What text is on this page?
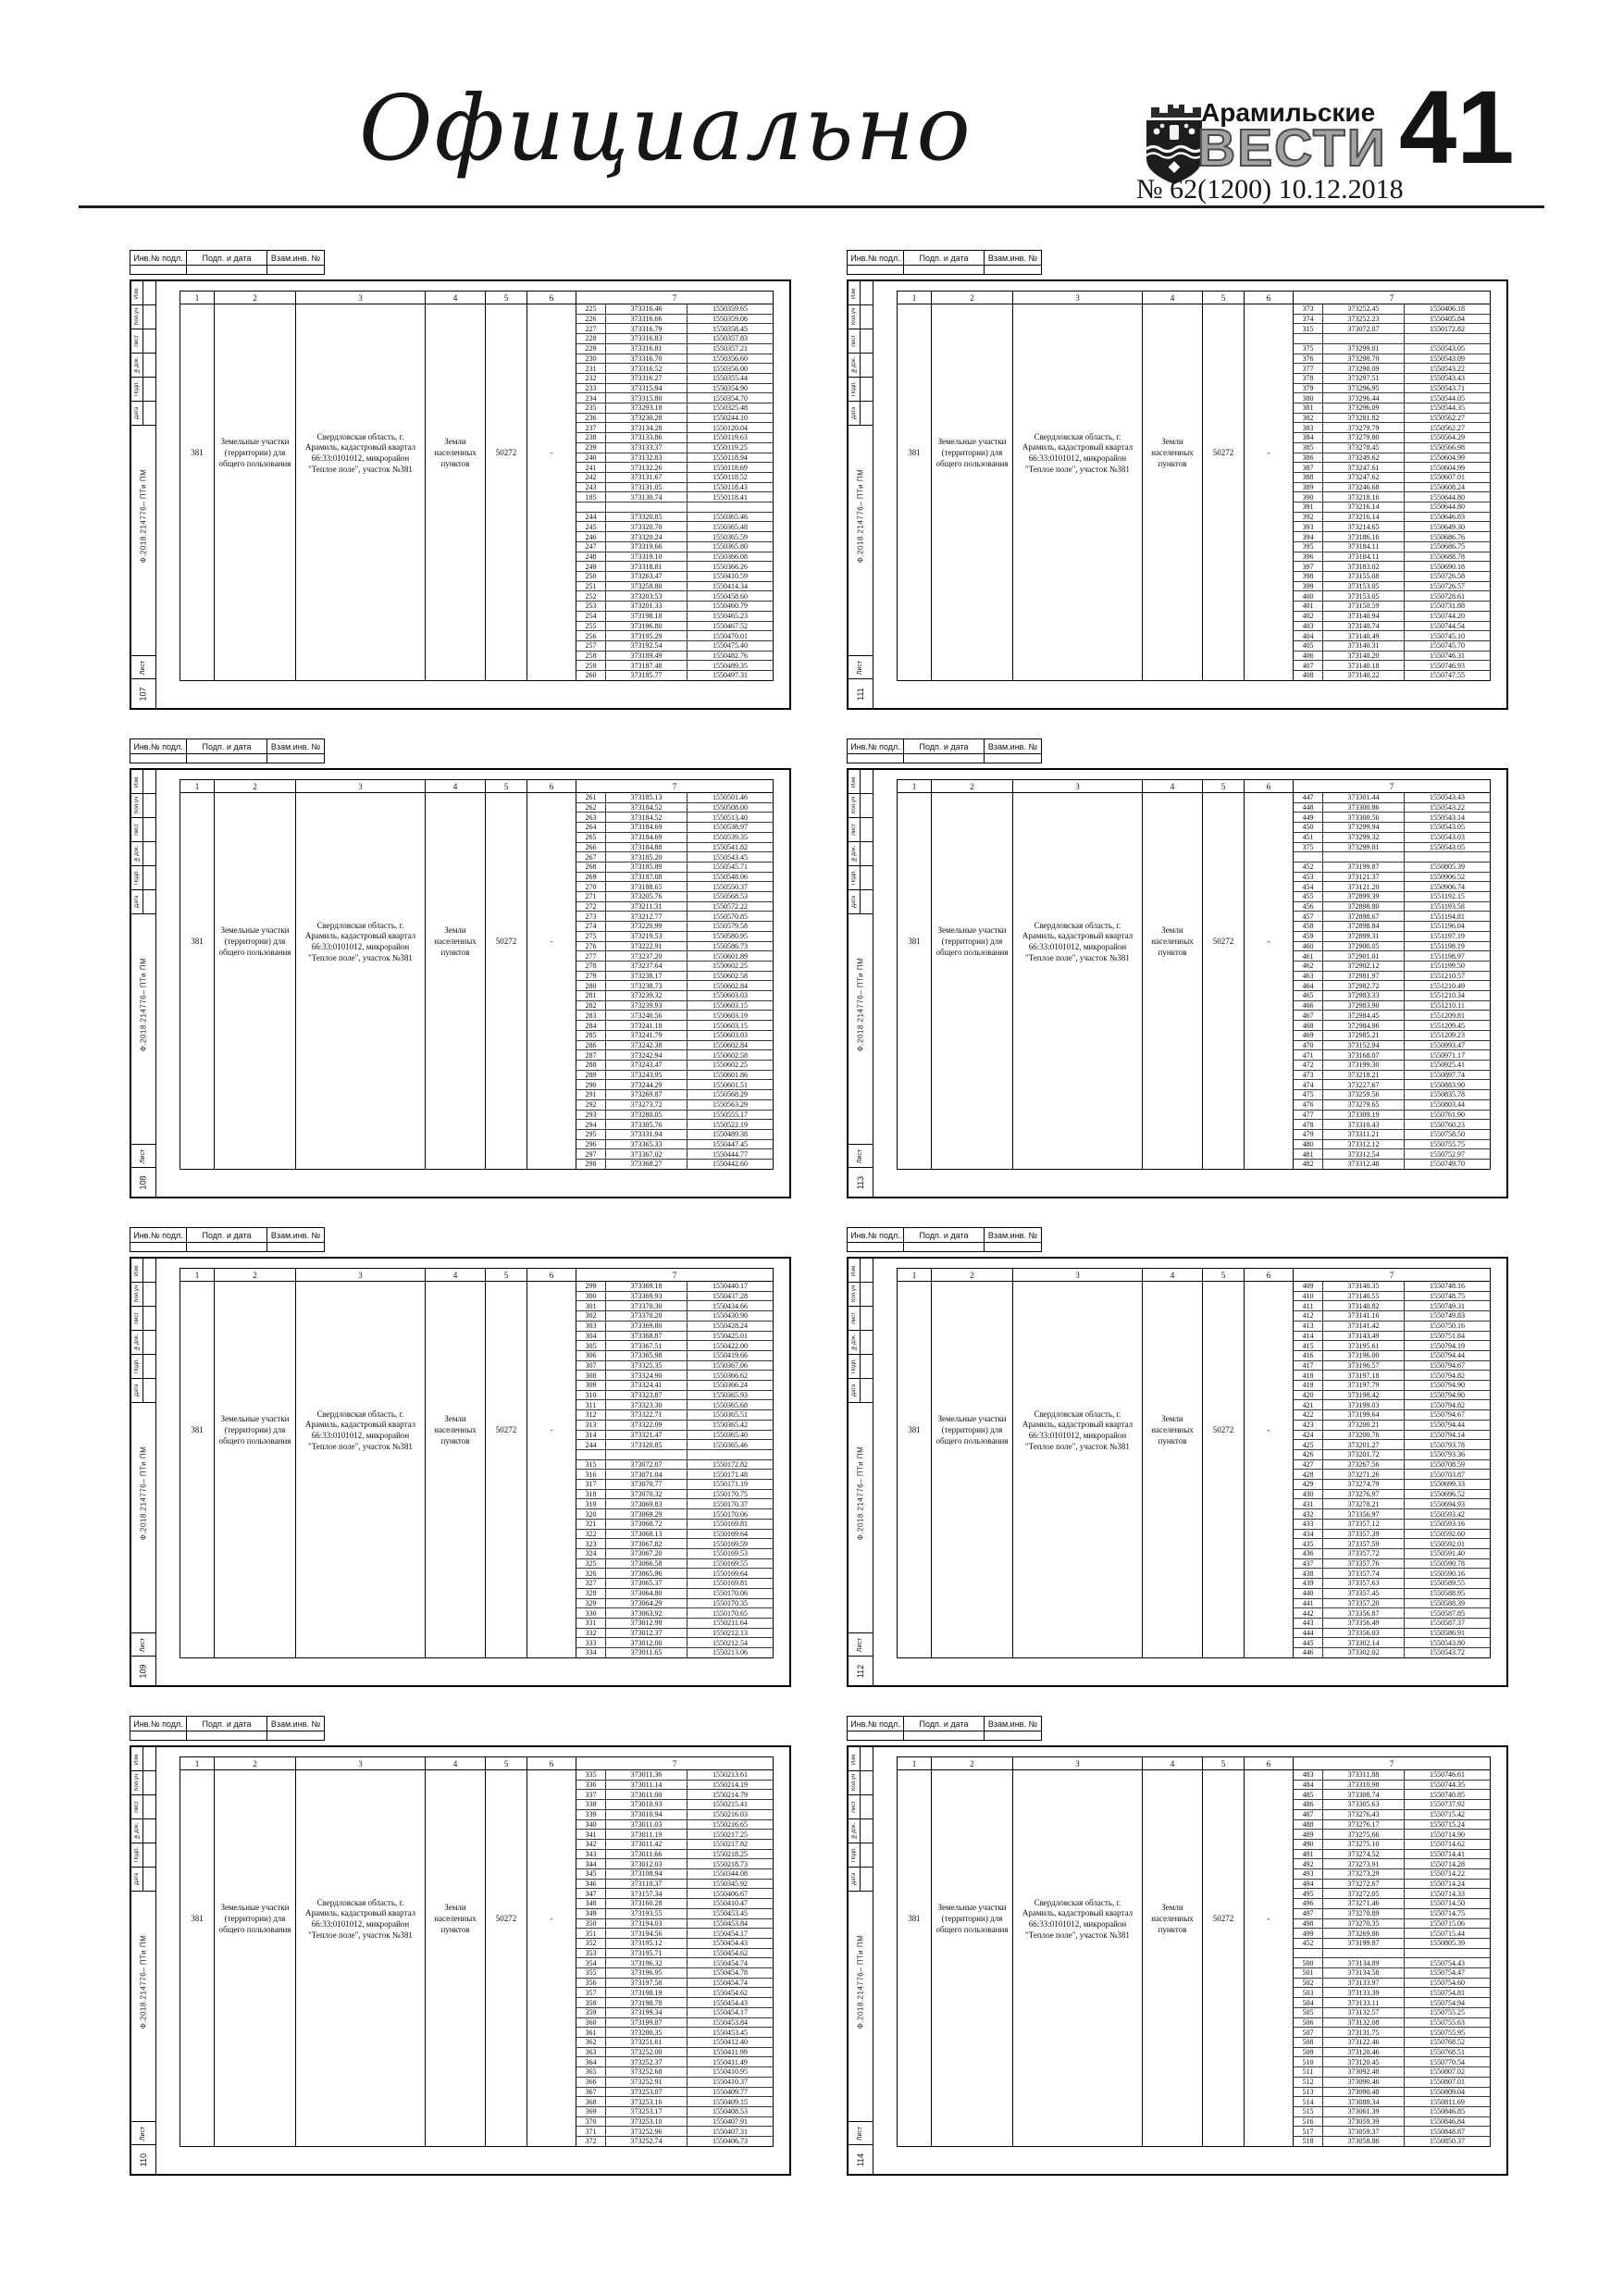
Официально	Арамильские
ВЕСТИ
№ 62(1200) 10.12.2018
41
Инв.№ подл.	Подп. и дата	Взам.инв. №
Изм.
Кол.уч
Лист
№док.
Подп.
Дата
Ф.2018.214776– ПТи ПМ
Лист
107
1	2	3	4	5	6	7
381
Земельные участки (территории) для общего пользования
Свердловская область, г. Арамиль, кадастровый квартал 66:33:0101012, микрорайон "Теплое поле", участок №381
Земли населенных пунктов
50272	-
225	373316.46	1550359.65
226	373316.66	1550359.06
227	373316.79	1550358.45
228	373316.83	1550357.83
229	373316.81	1550357.21
230	373316.70	1550356.60
231	373316.52	1550356.00
232	373316.27	1550355.44
233	373315.94	1550354.90
234	373315.80	1550354.70
235	373293.18	1550325.48
236	373230.28	1550244.10
237	373134.28	1550120.04
238	373133.86	1550119.63
239	373133.37	1550119.25
240	373132.83	1550118.94
241	373132.26	1550118.69
242	373131.67	1550118.52
243	373131.05	1550118.43
185	373130.74	1550118.41
244	373320.85	1550365.46
245	373320.70	1550365.48
246	373320.24	1550365.59
247	373319.66	1550365.80
248	373319.10	1550366.08
249	373318.81	1550366.26
250	373263.47	1550410.59
251	373258.80	1550414.34
252	373203.53	1550458.60
253	373201.33	1550460.79
254	373198.18	1550465.23
255	373196.80	1550467.52
256	373195.29	1550470.01
257	373192.54	1550475.40
258	373189.49	1550482.76
259	373187.48	1550489.35
260	373185.77	1550497.31
Инв.№ подл.	Подп. и дата	Взам.инв. №
Изм.
Кол.уч
Лист
№док.
Подп.
Дата
Ф.2018.214776– ПТи ПМ
Лист
111
1	2	3	4	5	6	7
381
Земельные участки (территории) для общего пользования
Свердловская область, г. Арамиль, кадастровый квартал 66:33:0101012, микрорайон "Теплое поле", участок №381
Земли населенных пунктов
50272	-
373	373252.45	1550406.18
374	373252.23	1550405.84
315	373072.07	1550172.82
375	373299.01	1550543.05
376	373298.70	1550543.09
377	373298.09	1550543.22
378	373297.51	1550543.43
379	373296.95	1550543.71
380	373296.44	1550544.05
381	373296.09	1550544.35
382	373281.82	1550562.27
383	373279.79	1550562.27
384	373279.80	1550564.29
385	373278.45	1550566.98
386	373249.62	1550604.99
387	373247.61	1550604.99
388	373247.62	1550607.01
389	373246.68	1550608.24
390	373218.16	1550644.80
391	373216.14	1550644.80
392	373216.14	1550646.83
393	373214.65	1550649.30
394	373186.16	1550686.76
395	373184.11	1550686.75
396	373184.11	1550688.78
397	373183.02	1550690.18
398	373155.08	1550726.58
399	373153.05	1550726.57
400	373153.05	1550728.61
401	373150.59	1550731.88
402	373140.94	1550744.20
403	373140.74	1550744.54
404	373140.49	1550745.10
405	373140.31	1550745.70
406	373140.20	1550746.31
407	373140.18	1550746.93
408	373140.22	1550747.55
Инв.№ подл.	Подп. и дата	Взам.инв. №
Изм.
Кол.уч
Лист
№док.
Подп.
Дата
Ф.2018.214776– ПТи ПМ
Лист
108
1	2	3	4	5	6	7
381
Земельные участки (территории) для общего пользования
Свердловская область, г. Арамиль, кадастровый квартал 66:33:0101012, микрорайон "Теплое поле", участок №381
Земли населенных пунктов
50272	-
261	373185.13	1550501.46
262	373184.52	1550508.00
263	373184.52	1550513.40
264	373184.69	1550538.97
265	373184.69	1550539.35
266	373184.88	1550541.82
267	373185.20	1550543.45
268	373185.89	1550545.71
269	373187.08	1550548.06
270	373188.65	1550550.37
271	373205.76	1550568.53
272	373211.31	1550572.22
273	373212.77	1550570.85
274	373220.99	1550579.58
275	373219.53	1550580.95
276	373222.91	1550586.73
277	373237.20	1550601.89
278	373237.64	1550602.25
279	373238.17	1550602.58
280	373238.73	1550602.84
281	373239.32	1550603.03
282	373239.93	1550603.15
283	373240.56	1550603.19
284	373241.18	1550603.15
285	373241.79	1550603.03
286	373242.38	1550602.84
287	373242.94	1550602.58
288	373243.47	1550602.25
289	373243.95	1550601.86
290	373244.29	1550601.51
291	373269.87	1550568.29
292	373273.72	1550563.29
293	373280.05	1550555.17
294	373305.76	1550522.19
295	373331.94	1550489.38
296	373365.33	1550447.45
297	373367.02	1550444.77
298	373368.27	1550442.60
Инв.№ подл.	Подп. и дата	Взам.инв. №
Изм.
Кол.уч
Лист
№док.
Подп.
Дата
Ф.2018.214776– ПТи ПМ
Лист
113
1	2	3	4	5	6	7
381
Земельные участки (территории) для общего пользования
Свердловская область, г. Арамиль, кадастровый квартал 66:33:0101012, микрорайон "Теплое поле", участок №381
Земли населенных пунктов
50272	-
447	373301.44	1550543.43
448	373300.86	1550543.22
449	373300.56	1550543.14
450	373299.94	1550543.05
451	373299.32	1550543.03
375	373299.01	1550543.05
452	373199.87	1550805.39
453	373121.37	1550906.52
454	373121.20	1550906.74
455	372899.39	1551192.15
456	372898.80	1551193.58
457	372898.67	1551194.81
458	372898.84	1551196.04
459	372899.31	1551197.19
460	372900.05	1551198.19
461	372901.01	1551198.97
462	372902.12	1551199.50
463	372981.97	1551210.57
464	372982.72	1551210.49
465	372983.33	1551210.34
466	372983.90	1551210.11
467	372984.45	1551209.81
468	372984.96	1551209.45
469	372985.21	1551209.23
470	373152.94	1550993.47
471	373168.07	1550971.17
472	373199.30	1550925.41
473	373218.21	1550897.74
474	373227.67	1550883.90
475	373259.56	1550835.78
476	373279.65	1550803.44
477	373309.19	1550761.90
478	373310.43	1550760.23
479	373311.21	1550758.50
480	373312.12	1550755.75
481	373312.54	1550752.97
482	373312.48	1550749.70
Инв.№ подл.	Подп. и дата	Взам.инв. №
Изм.
Кол.уч
Лист
№док.
Подп.
Дата
Ф.2018.214776– ПТи ПМ
Лист
109
1	2	3	4	5	6	7
381
Земельные участки (территории) для общего пользования
Свердловская область, г. Арамиль, кадастровый квартал 66:33:0101012, микрорайон "Теплое поле", участок №381
Земли населенных пунктов
50272	-
299	373369.18	1550440.17
300	373369.93	1550437.28
301	373370.30	1550434.66
302	373370.20	1550430.90
303	373369.80	1550428.24
304	373368.87	1550425.01
305	373367.51	1550422.00
306	373365.98	1550419.66
307	373325.35	1550367.06
308	373324.90	1550366.62
309	373324.41	1550366.24
310	373323.87	1550365.93
311	373323.30	1550365.68
312	373322.71	1550365.51
313	373322.09	1550365.42
314	373321.47	1550365.40
244	373320.85	1550365.46
315	373072.07	1550172.82
316	373071.04	1550171.48
317	373070.77	1550171.19
318	373070.32	1550170.75
319	373069.83	1550170.37
320	373069.29	1550170.06
321	373068.72	1550169.81
322	373068.13	1550169.64
323	373067.82	1550169.59
324	373067.20	1550169.53
325	373066.58	1550169.55
326	373065.96	1550169.64
327	373065.37	1550169.81
328	373064.80	1550170.06
329	373064.29	1550170.35
330	373063.92	1550170.65
331	373012.98	1550211.64
332	373012.37	1550212.13
333	373012.00	1550212.54
334	373011.65	1550213.06
Инв.№ подл.	Подп. и дата	Взам.инв. №
Изм.
Кол.уч
Лист
№док.
Подп.
Дата
Ф.2018.214776– ПТи ПМ
Лист
112
1	2	3	4	5	6	7
381
Земельные участки (территории) для общего пользования
Свердловская область, г. Арамиль, кадастровый квартал 66:33:0101012, микрорайон "Теплое поле", участок №381
Земли населенных пунктов
50272	-
409	373140.35	1550748.16
410	373140.55	1550748.75
411	373140.82	1550749.31
412	373141.16	1550749.83
413	373141.42	1550750.16
414	373143.49	1550751.84
415	373195.61	1550794.19
416	373196.00	1550794.44
417	373196.57	1550794.67
418	373197.18	1550794.82
419	373197.79	1550794.90
420	373198.42	1550794.90
421	373199.03	1550794.82
422	373199.64	1550794.67
423	373200.21	1550794.44
424	373200.76	1550794.14
425	373201.27	1550793.78
426	373201.72	1550793.36
427	373267.56	1550708.59
428	373271.26	1550703.87
429	373274.79	1550699.33
430	373276.97	1550696.52
431	373278.21	1550694.93
432	373356.97	1550593.42
433	373357.12	1550593.16
434	373357.39	1550592.60
435	373357.59	1550592.01
436	373357.72	1550591.40
437	373357.76	1550590.78
438	373357.74	1550590.16
439	373357.63	1550589.55
440	373357.45	1550588.95
441	373357.20	1550588.39
442	373356.87	1550587.85
443	373356.49	1550587.37
444	373356.03	1550586.91
445	373302.14	1550543.80
446	373302.02	1550543.72
Инв.№ подл.	Подп. и дата	Взам.инв. №
Изм.
Кол.уч
Лист
№док.
Подп.
Дата
Ф.2018.214776– ПТи ПМ
Лист
110
1	2	3	4	5	6	7
381
Земельные участки (территории) для общего пользования
Свердловская область, г. Арамиль, кадастровый квартал 66:33:0101012, микрорайон "Теплое поле", участок №381
Земли населенных пунктов
50272	-
335	373011.36	1550213.61
336	373011.14	1550214.19
337	373011.00	1550214.79
338	373010.93	1550215.41
339	373010.94	1550216.03
340	373011.03	1550216.65
341	373011.19	1550217.25
342	373011.42	1550217.82
343	373011.66	1550218.25
344	373012.03	1550218.73
345	373108.94	1550344.08
346	373110.37	1550345.92
347	373157.34	1550406.67
348	373160.28	1550410.47
349	373193.55	1550453.45
350	373194.03	1550453.84
351	373194.56	1550454.17
352	373195.12	1550454.43
353	373195.71	1550454.62
354	373196.32	1550454.74
355	373196.95	1550454.78
356	373197.58	1550454.74
357	373198.19	1550454.62
358	373198.78	1550454.43
359	373199.34	1550454.17
360	373199.87	1550453.84
361	373200.35	1550453.45
362	373251.61	1550412.40
363	373252.00	1550411.99
364	373252.37	1550411.49
365	373252.68	1550410.95
366	373252.91	1550410.37
367	373253.07	1550409.77
368	373253.16	1550409.15
369	373253.17	1550408.53
370	373253.10	1550407.91
371	373252.96	1550407.31
372	373252.74	1550406.73
Инв.№ подл.	Подп. и дата	Взам.инв. №
Изм.
Кол.уч
Лист
№док.
Подп.
Дата
Ф.2018.214776– ПТи ПМ
Лист
114
1	2	3	4	5	6	7
381
Земельные участки (территории) для общего пользования
Свердловская область, г. Арамиль, кадастровый квартал 66:33:0101012, микрорайон "Теплое поле", участок №381
Земли населенных пунктов
50272	-
483	373311.88	1550746.61
484	373310.98	1550744.35
485	373308.74	1550740.85
486	373305.63	1550737.92
487	373276.43	1550715.42
488	373276.17	1550715.24
489	373275.66	1550714.90
490	373275.10	1550714.62
491	373274.52	1550714.41
492	373273.91	1550714.28
493	373273.29	1550714.22
494	373272.67	1550714.24
495	373272.05	1550714.33
496	373271.46	1550714.50
497	373270.89	1550714.75
498	373270.35	1550715.06
499	373269.86	1550715.44
452	373199.87	1550805.39
500	373134.89	1550754.43
501	373134.58	1550754.47
502	373133.97	1550754.60
503	373133.39	1550754.81
504	373133.11	1550754.94
505	373132.57	1550755.25
506	373132.08	1550755.63
507	373131.75	1550755.95
508	373122.46	1550768.52
509	373120.46	1550768.51
510	373120.45	1550770.54
511	373092.48	1550807.02
512	373090.46	1550807.01
513	373090.48	1550809.04
514	373088.34	1550811.69
515	373061.39	1550846.85
516	373059.39	1550846.84
517	373059.37	1550848.87
518	373058.86	1550850.37
